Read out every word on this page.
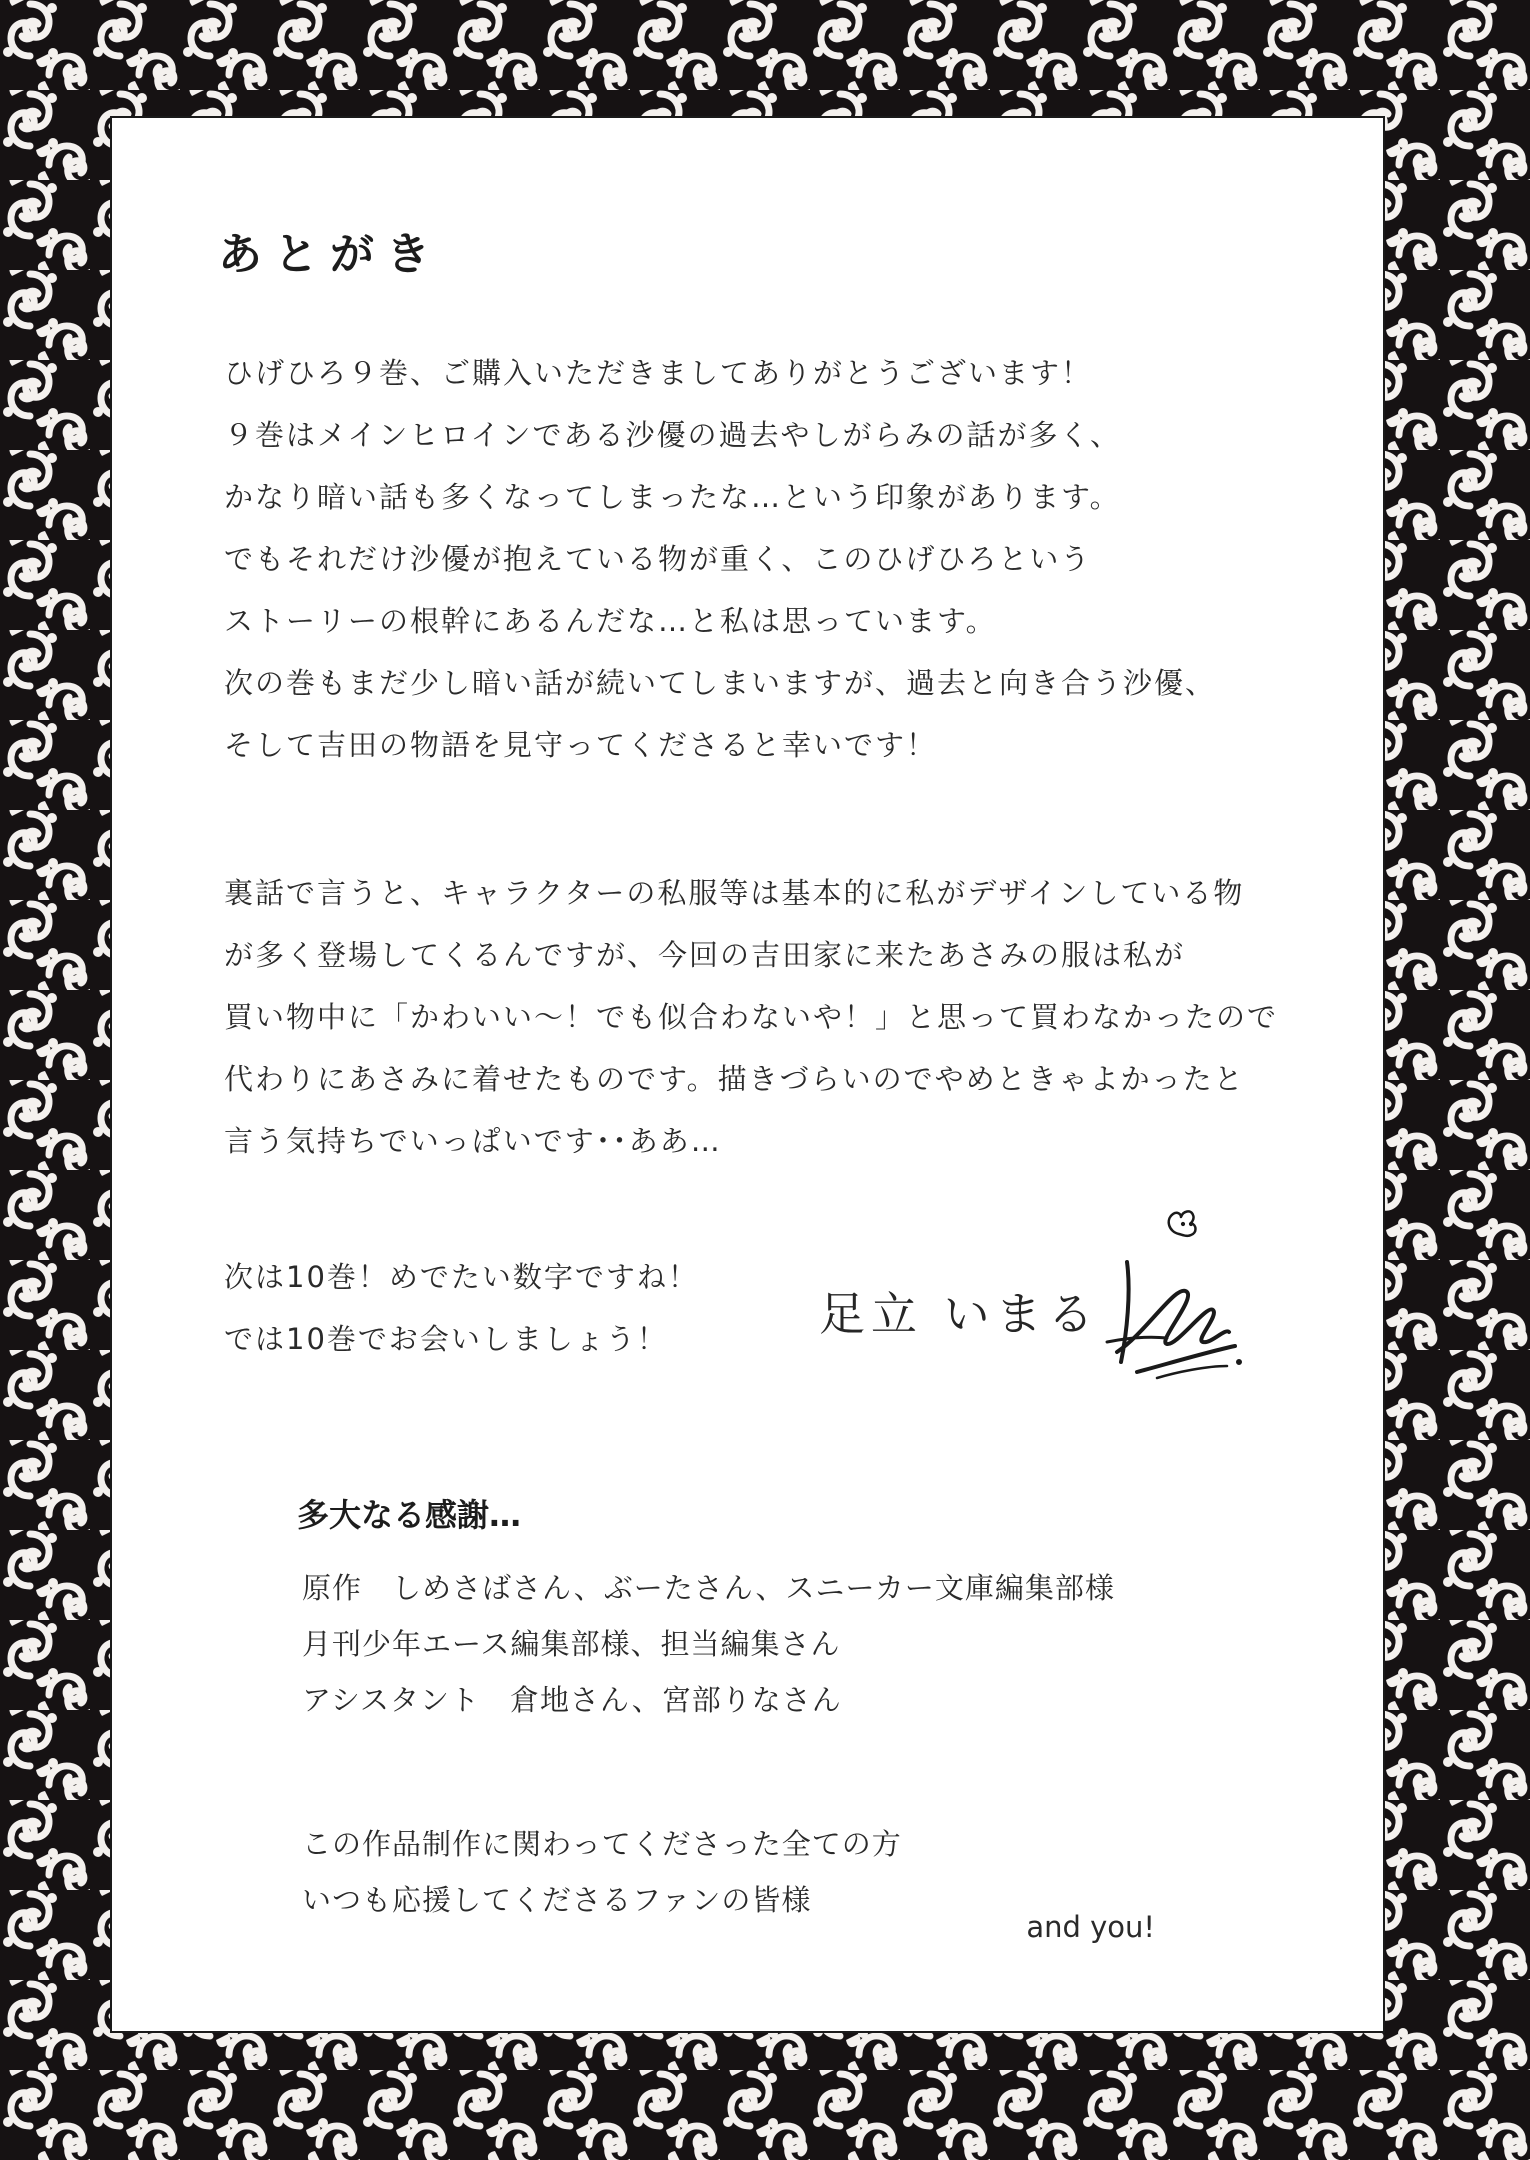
あとがき
ひげひろ９巻、ご購入いただきましてありがとうございます！
９巻はメインヒロインである沙優の過去やしがらみの話が多く、
かなり暗い話も多くなってしまったな…という印象があります。
でもそれだけ沙優が抱えている物が重く、このひげひろという
ストーリーの根幹にあるんだな…と私は思っています。
次の巻もまだ少し暗い話が続いてしまいますが、過去と向き合う沙優、
そして吉田の物語を見守ってくださると幸いです！
裏話で言うと、キャラクターの私服等は基本的に私がデザインしている物
が多く登場してくるんですが、今回の吉田家に来たあさみの服は私が
買い物中に「かわいい〜！でも似合わないや！」と思って買わなかったので
代わりにあさみに着せたものです。描きづらいのでやめときゃよかったと
言う気持ちでいっぱいです･･ああ…
次は10巻！めでたい数字ですね！
では10巻でお会いしましょう！	足立 いまる
多大なる感謝…
原作　しめさばさん、ぶーたさん、スニーカー文庫編集部様
月刊少年エース編集部様、担当編集さん
アシスタント　倉地さん、宮部りなさん
この作品制作に関わってくださった全ての方
いつも応援してくださるファンの皆様
and you!
